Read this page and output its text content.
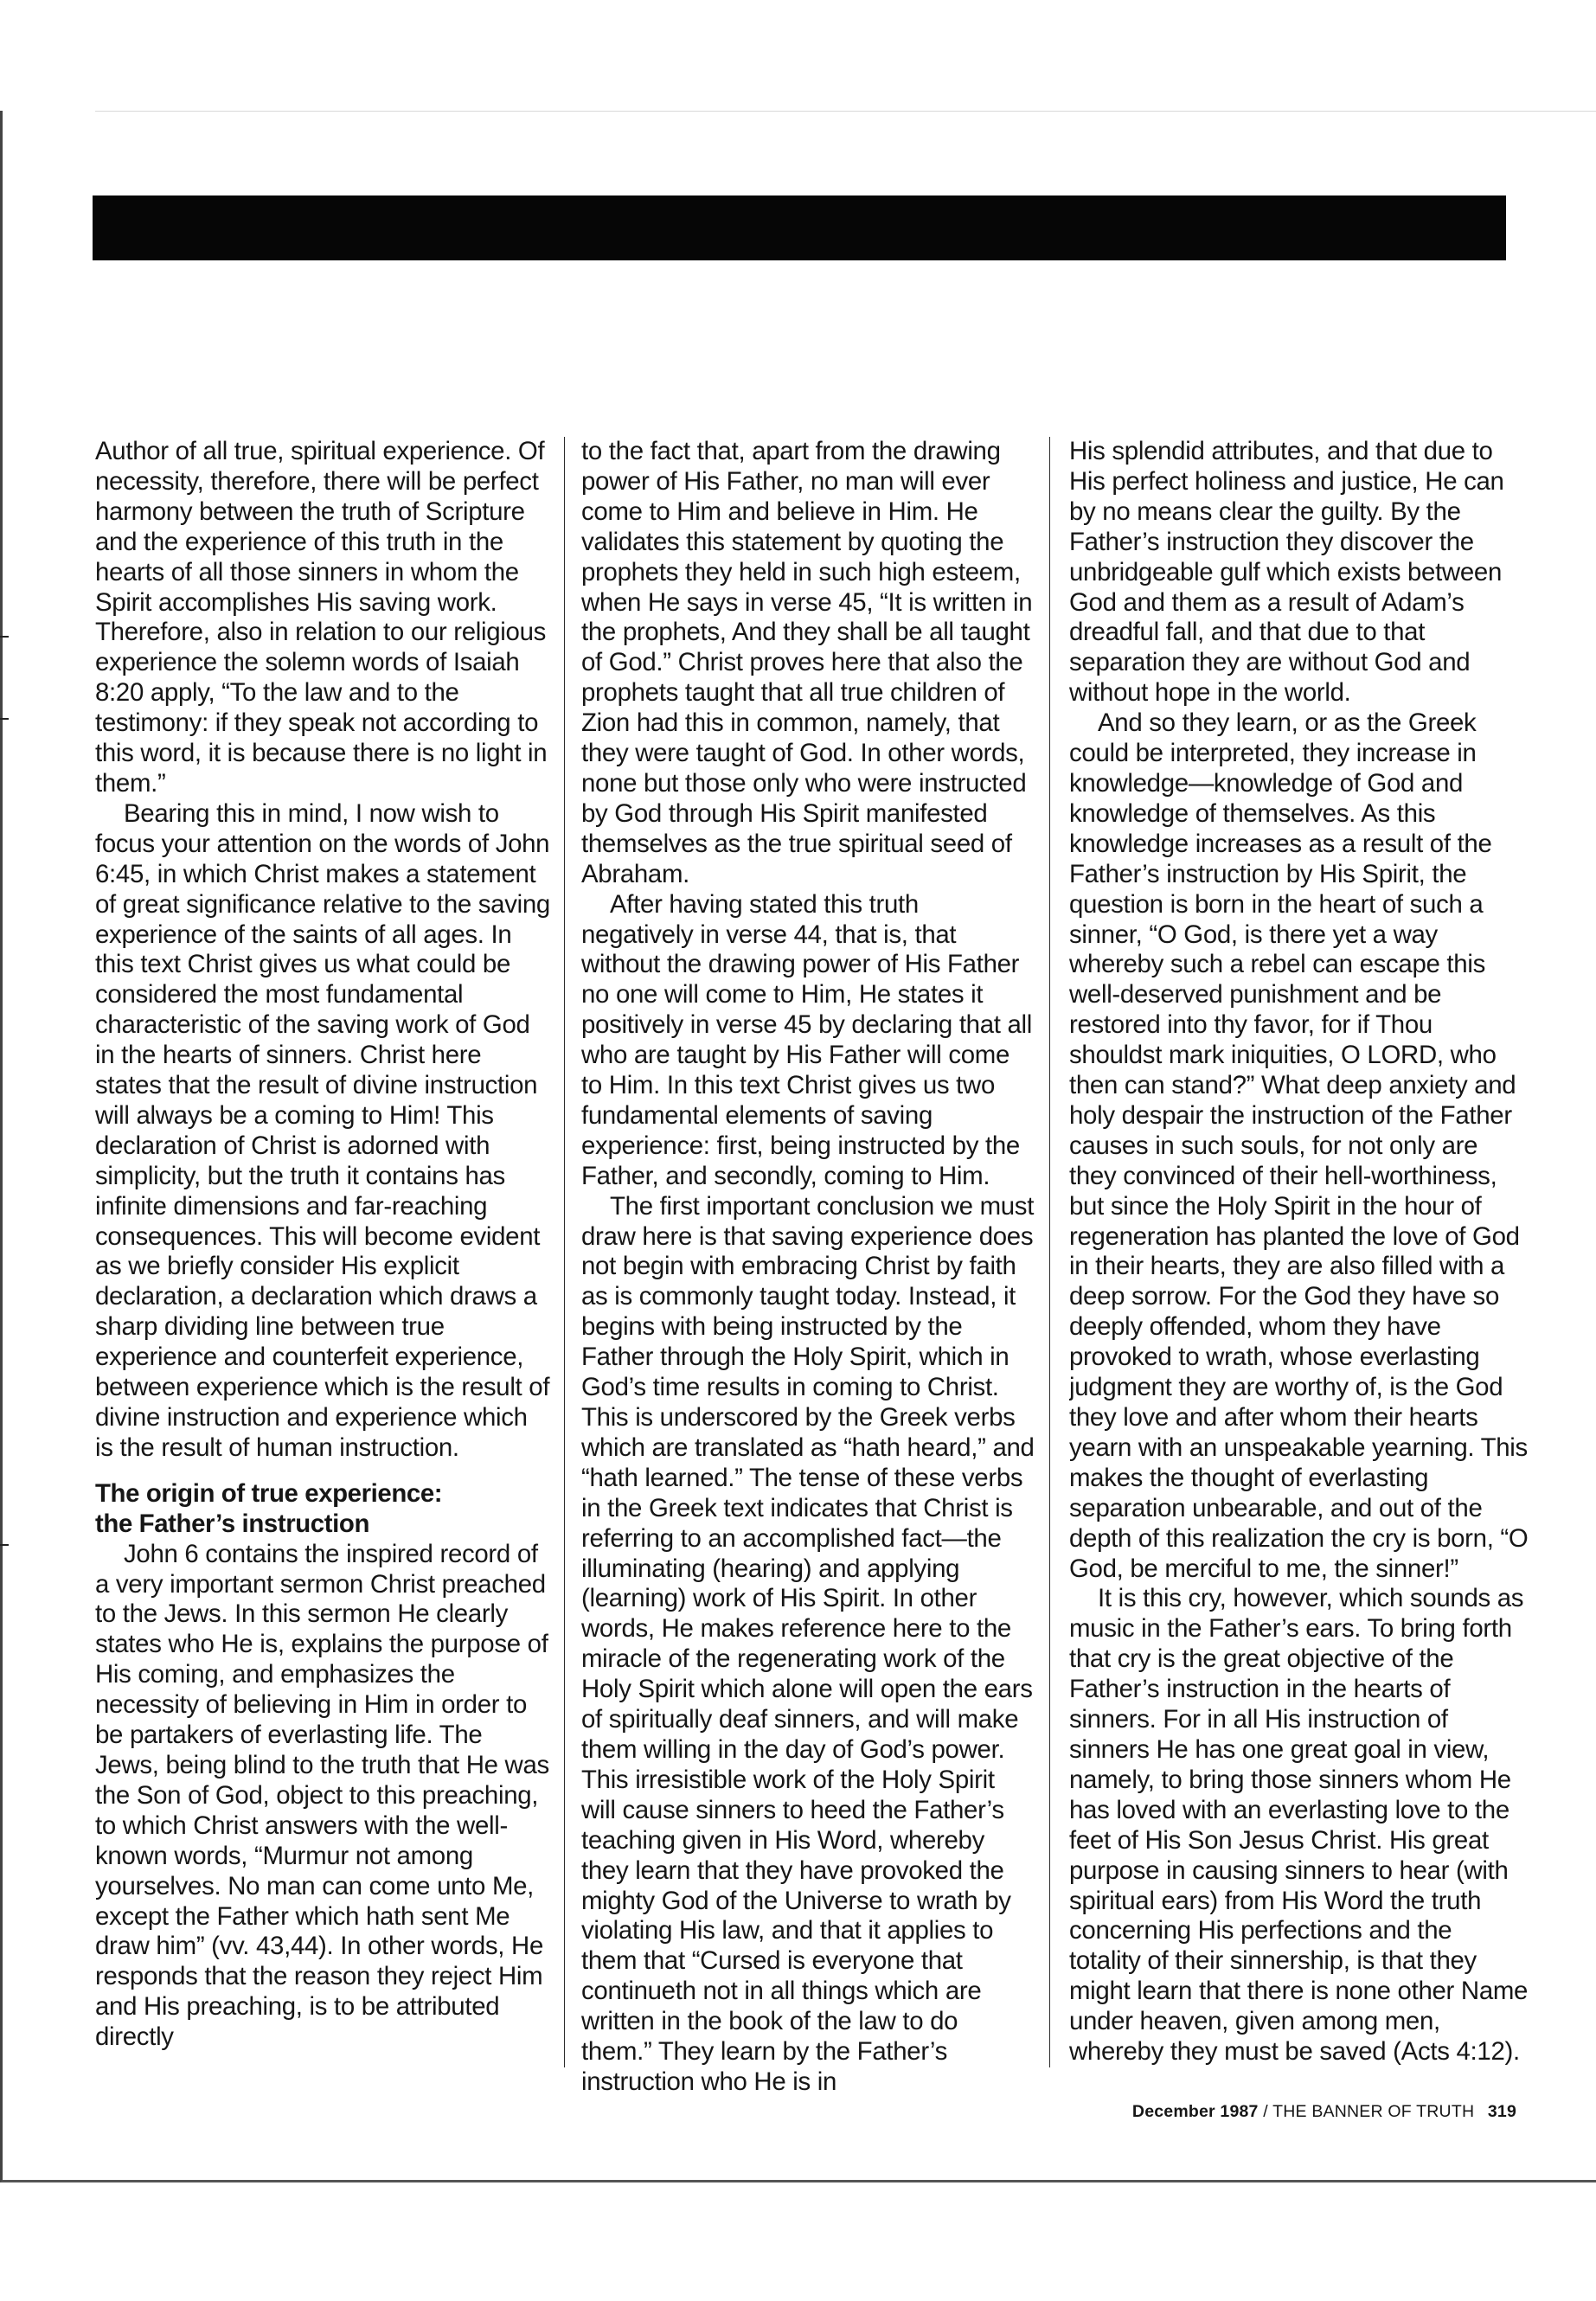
Author of all true, spiritual experience. Of necessity, therefore, there will be perfect harmony between the truth of Scripture and the experience of this truth in the hearts of all those sinners in whom the Spirit accomplishes His saving work. Therefore, also in relation to our religious experience the solemn words of Isaiah 8:20 apply, “To the law and to the testimony: if they speak not according to this word, it is because there is no light in them.”

Bearing this in mind, I now wish to focus your attention on the words of John 6:45, in which Christ makes a statement of great significance relative to the saving experience of the saints of all ages. In this text Christ gives us what could be considered the most fundamental characteristic of the saving work of God in the hearts of sinners. Christ here states that the result of divine instruction will always be a coming to Him! This declaration of Christ is adorned with simplicity, but the truth it contains has infinite dimensions and far-reaching consequences. This will become evident as we briefly consider His explicit declaration, a declaration which draws a sharp dividing line between true experience and counterfeit experience, between experience which is the result of divine instruction and experience which is the result of human instruction.

The origin of true experience:
the Father’s instruction

John 6 contains the inspired record of a very important sermon Christ preached to the Jews. In this sermon He clearly states who He is, explains the purpose of His coming, and emphasizes the necessity of believing in Him in order to be partakers of everlasting life. The Jews, being blind to the truth that He was the Son of God, object to this preaching, to which Christ answers with the well-known words, “Murmur not among yourselves. No man can come unto Me, except the Father which hath sent Me draw him” (vv. 43,44). In other words, He responds that the reason they reject Him and His preaching, is to be attributed directly

to the fact that, apart from the drawing power of His Father, no man will ever come to Him and believe in Him. He validates this statement by quoting the prophets they held in such high esteem, when He says in verse 45, “It is written in the prophets, And they shall be all taught of God.” Christ proves here that also the prophets taught that all true children of Zion had this in common, namely, that they were taught of God. In other words, none but those only who were instructed by God through His Spirit manifested themselves as the true spiritual seed of Abraham.

After having stated this truth negatively in verse 44, that is, that without the drawing power of His Father no one will come to Him, He states it positively in verse 45 by declaring that all who are taught by His Father will come to Him. In this text Christ gives us two fundamental elements of saving experience: first, being instructed by the Father, and secondly, coming to Him.

The first important conclusion we must draw here is that saving experience does not begin with embracing Christ by faith as is commonly taught today. Instead, it begins with being instructed by the Father through the Holy Spirit, which in God’s time results in coming to Christ. This is underscored by the Greek verbs which are translated as “hath heard,” and “hath learned.” The tense of these verbs in the Greek text indicates that Christ is referring to an accomplished fact—the illuminating (hearing) and applying (learning) work of His Spirit. In other words, He makes reference here to the miracle of the regenerating work of the Holy Spirit which alone will open the ears of spiritually deaf sinners, and will make them willing in the day of God’s power. This irresistible work of the Holy Spirit will cause sinners to heed the Father’s teaching given in His Word, whereby they learn that they have provoked the mighty God of the Universe to wrath by violating His law, and that it applies to them that “Cursed is everyone that continueth not in all things which are written in the book of the law to do them.” They learn by the Father’s instruction who He is in

His splendid attributes, and that due to His perfect holiness and justice, He can by no means clear the guilty. By the Father’s instruction they discover the unbridgeable gulf which exists between God and them as a result of Adam’s dreadful fall, and that due to that separation they are without God and without hope in the world.

And so they learn, or as the Greek could be interpreted, they increase in knowledge—knowledge of God and knowledge of themselves. As this knowledge increases as a result of the Father’s instruction by His Spirit, the question is born in the heart of such a sinner, “O God, is there yet a way whereby such a rebel can escape this well-deserved punishment and be restored into thy favor, for if Thou shouldst mark iniquities, O LORD, who then can stand?” What deep anxiety and holy despair the instruction of the Father causes in such souls, for not only are they convinced of their hell-worthiness, but since the Holy Spirit in the hour of regeneration has planted the love of God in their hearts, they are also filled with a deep sorrow. For the God they have so deeply offended, whom they have provoked to wrath, whose everlasting judgment they are worthy of, is the God they love and after whom their hearts yearn with an unspeakable yearning. This makes the thought of everlasting separation unbearable, and out of the depth of this realization the cry is born, “O God, be merciful to me, the sinner!”

It is this cry, however, which sounds as music in the Father’s ears. To bring forth that cry is the great objective of the Father’s instruction in the hearts of sinners. For in all His instruction of sinners He has one great goal in view, namely, to bring those sinners whom He has loved with an everlasting love to the feet of His Son Jesus Christ. His great purpose in causing sinners to hear (with spiritual ears) from His Word the truth concerning His perfections and the totality of their sinnership, is that they might learn that there is none other Name under heaven, given among men, whereby they must be saved (Acts 4:12).

December 1987 / THE BANNER OF TRUTH 319
